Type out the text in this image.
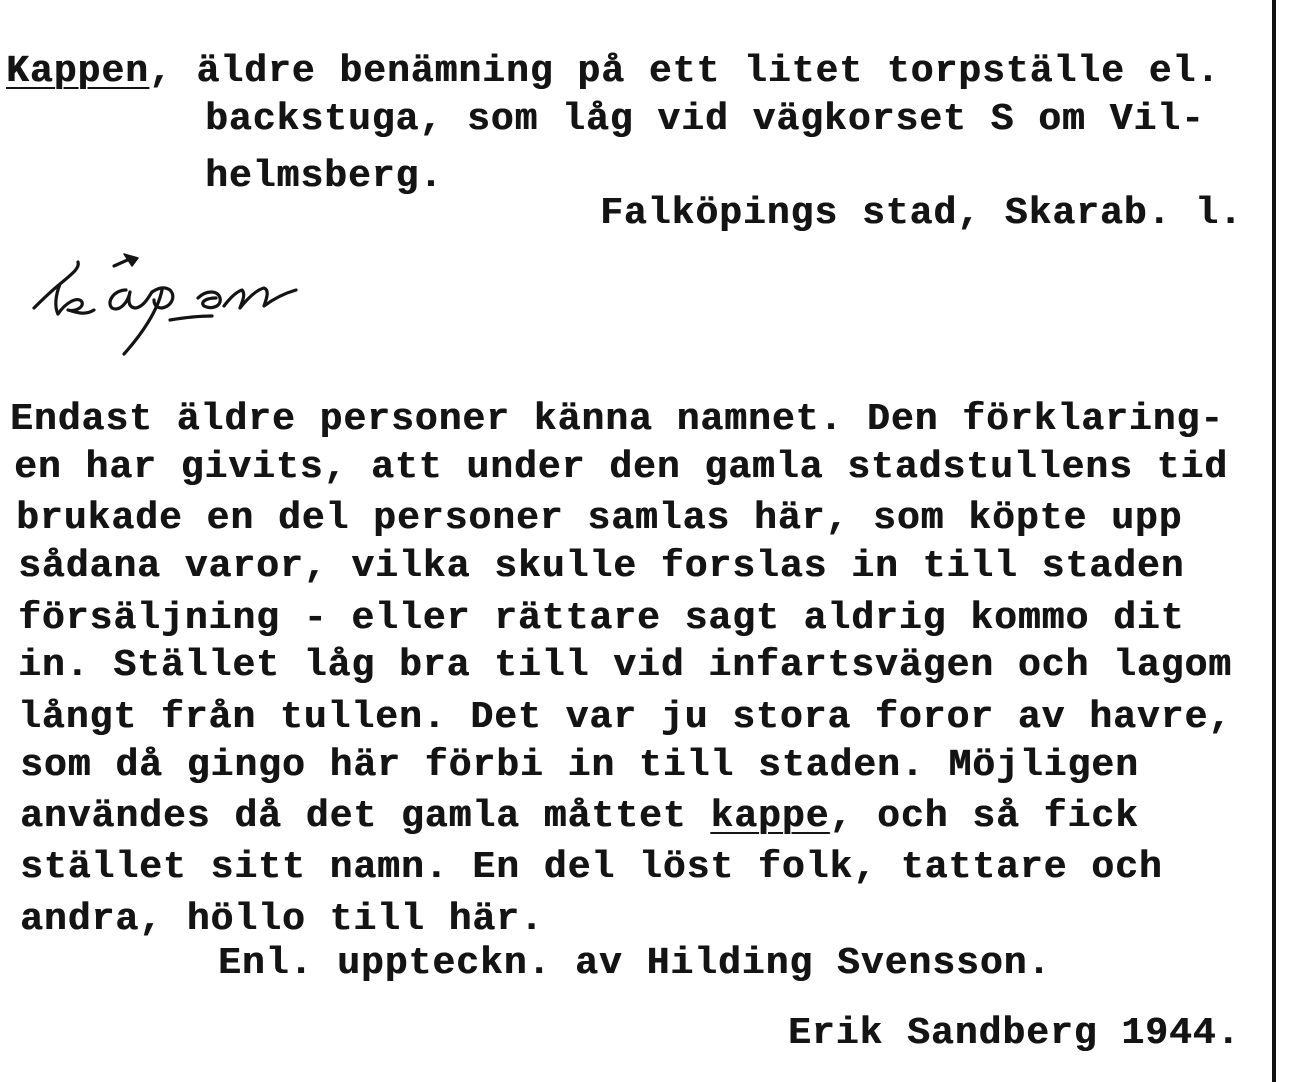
Kappen, äldre benämning på ett litet torpställe el.
backstuga, som låg vid vägkorset S om Vil-
helmsberg.
Falköpings stad, Skarab. l.
Endast äldre personer känna namnet. Den förklaring-
en har givits, att under den gamla stadstullens tid
brukade en del personer samlas här, som köpte upp
sådana varor, vilka skulle forslas in till staden
försäljning - eller rättare sagt aldrig kommo dit
in. Stället låg bra till vid infartsvägen och lagom
långt från tullen. Det var ju stora foror av havre,
som då gingo här förbi in till staden. Möjligen
användes då det gamla måttet kappe, och så fick
stället sitt namn. En del löst folk, tattare och
andra, höllo till här.
Enl. uppteckn. av Hilding Svensson.
Erik Sandberg 1944.
